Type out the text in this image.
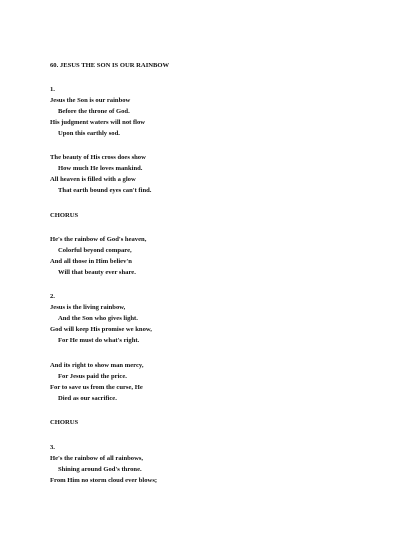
60. JESUS THE SON IS OUR RAINBOW
1.
Jesus the Son is our rainbow
Before the throne of God.
His judgment waters will not flow
Upon this earthly sod.
The beauty of His cross does show
How much He loves mankind.
All heaven is filled with a glow
That earth bound eyes can't find.
CHORUS
He's the rainbow of God's heaven,
Colorful beyond compare,
And all those in Him believ'n
Will that beauty ever share.
2.
Jesus is the living rainbow,
And the Son who gives light.
God will keep His promise we know,
For He must do what's right.
And its right to show man mercy,
For Jesus paid the price.
For to save us from the curse, He
Died as our sacrifice.
CHORUS
3.
He's the rainbow of all rainbows,
Shining around God's throne.
From Him no storm cloud ever blows;
